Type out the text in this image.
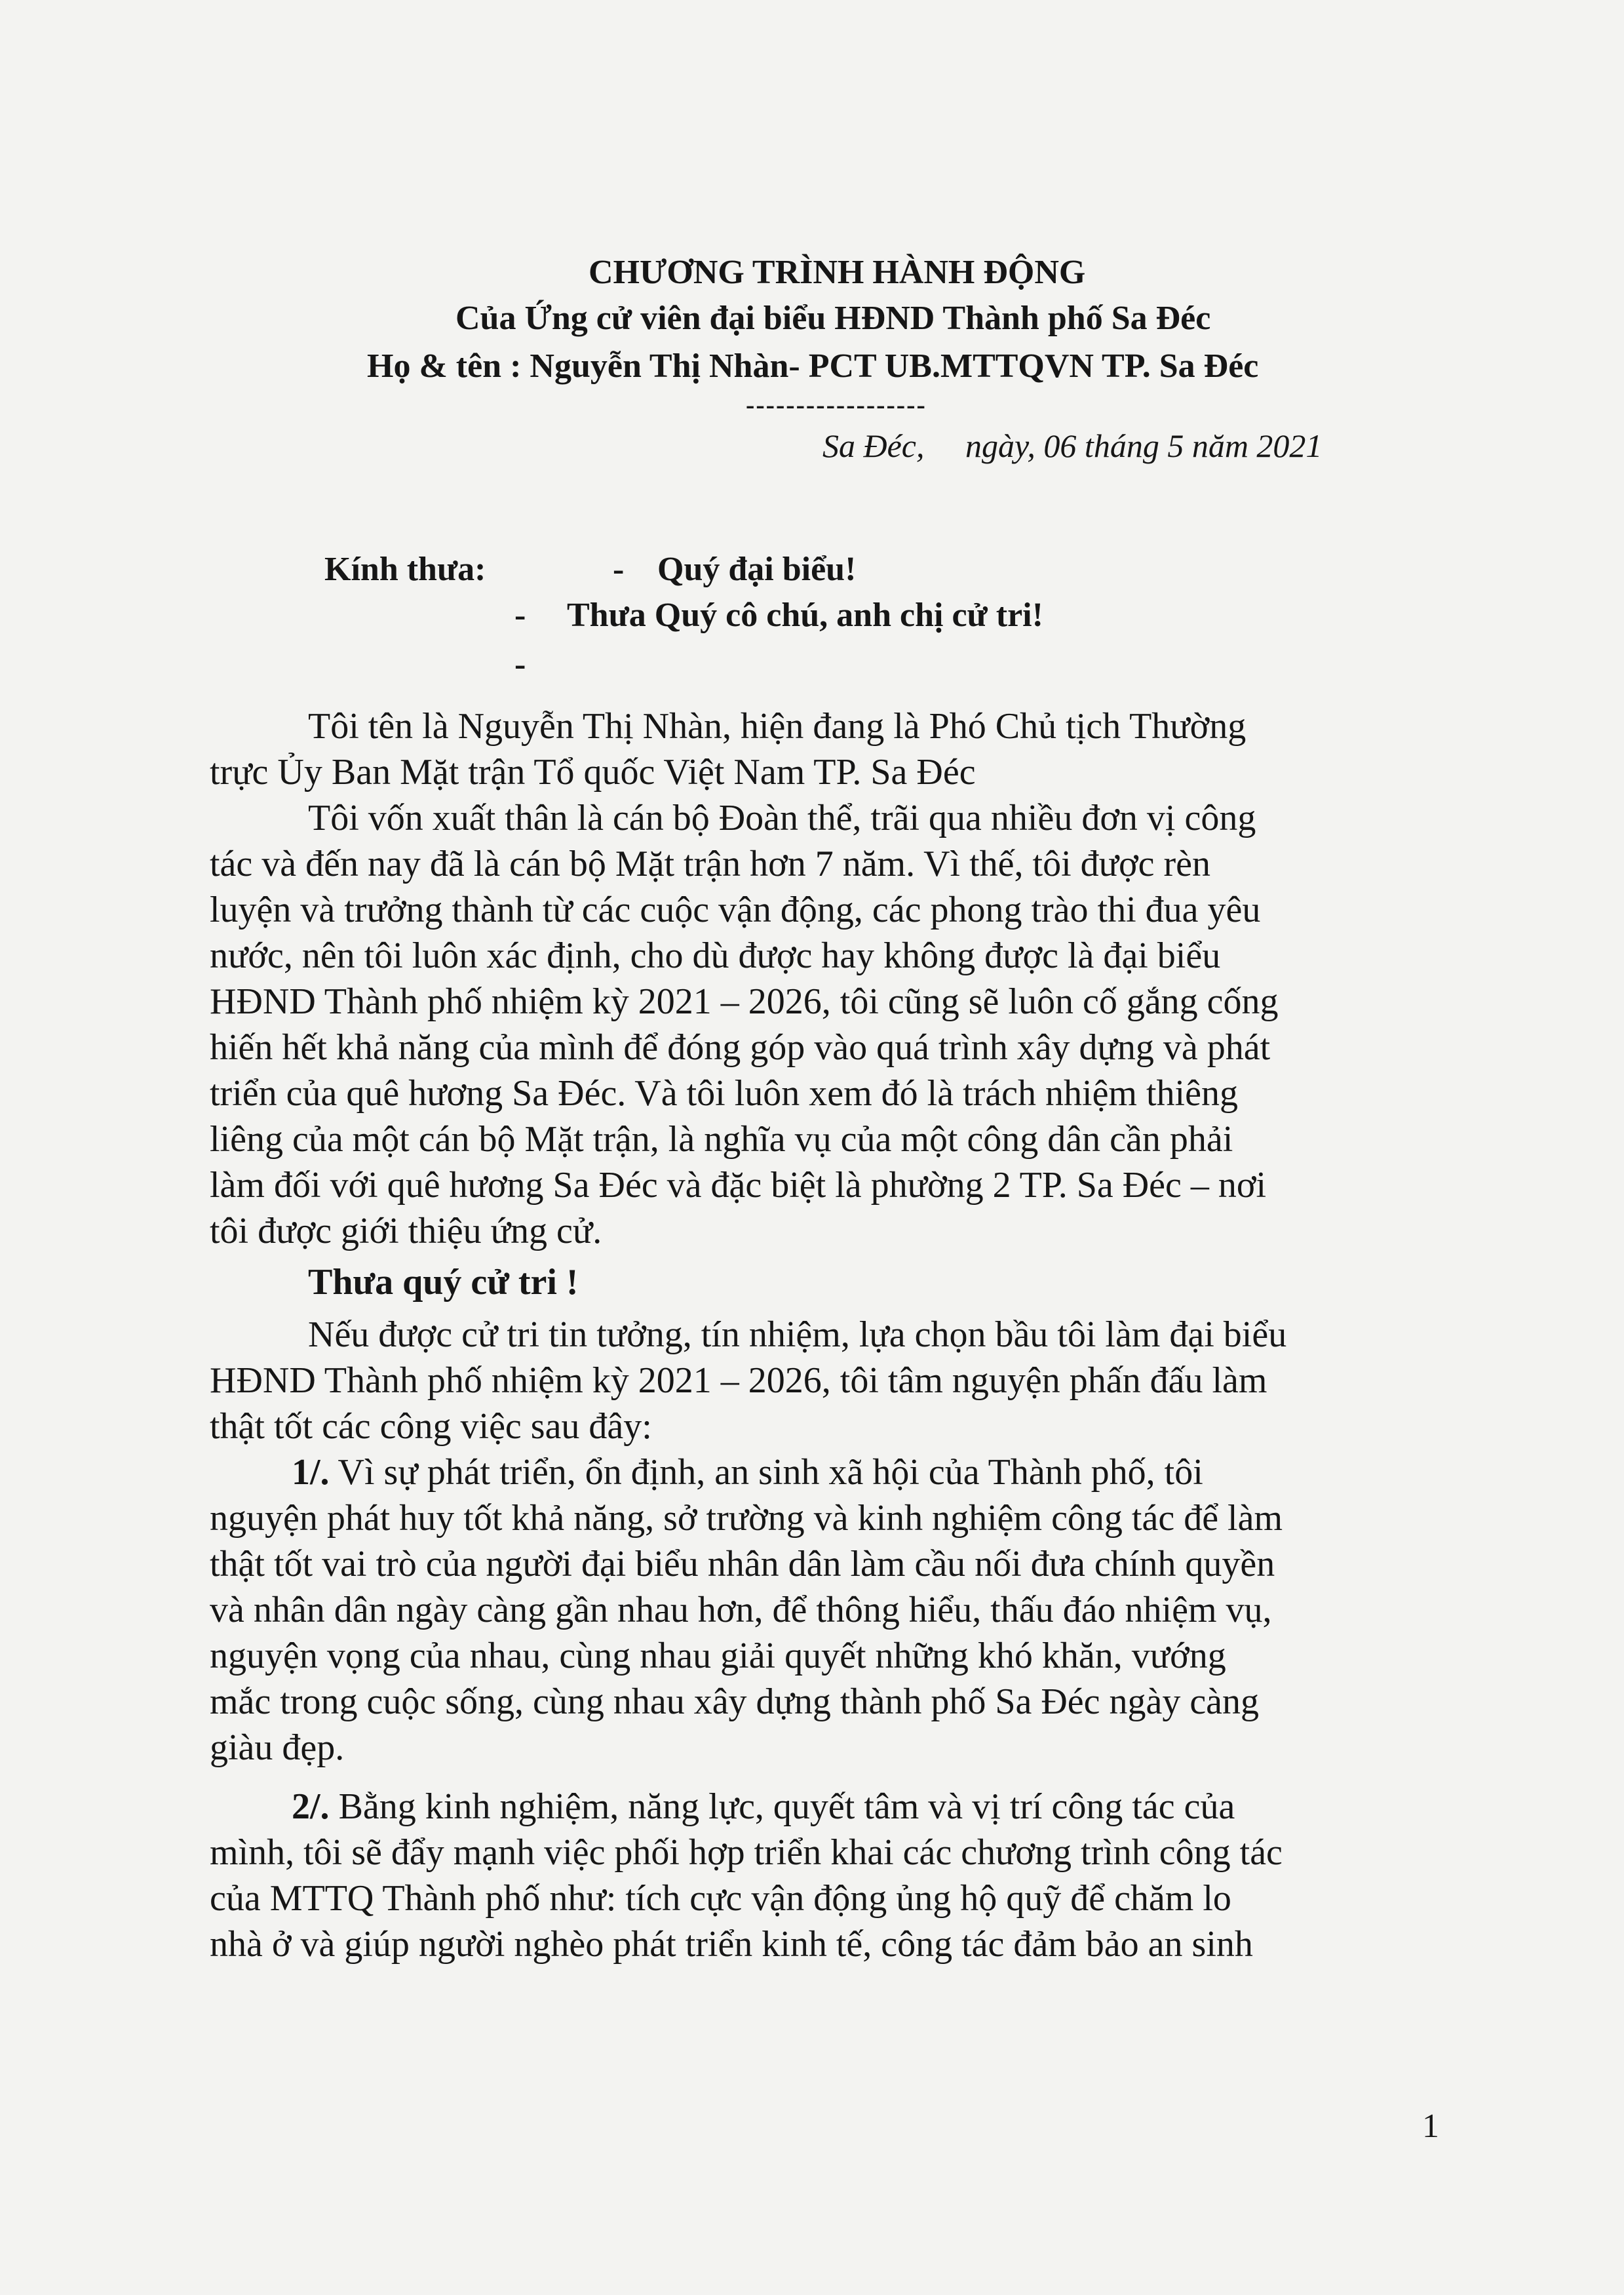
CHƯƠNG TRÌNH HÀNH ĐỘNG
Của Ứng cử viên đại biểu HĐND Thành phố Sa Đéc
Họ & tên : Nguyễn Thị Nhàn- PCT UB.MTTQVN TP. Sa Đéc
------------------
Sa Đéc,     ngày, 06 tháng 5 năm 2021
Kính thưa:	- Quý đại biểu!
- Thưa Quý cô chú, anh chị cử tri!
-
Tôi tên là Nguyễn Thị Nhàn, hiện đang là Phó Chủ tịch Thường
trực Ủy Ban Mặt trận Tổ quốc Việt Nam TP. Sa Đéc
Tôi vốn xuất thân là cán bộ Đoàn thể, trãi qua nhiều đơn vị công
tác và đến nay đã là cán bộ Mặt trận hơn 7 năm. Vì thế, tôi được rèn
luyện và trưởng thành từ các cuộc vận động, các phong trào thi đua yêu
nước, nên tôi luôn xác định, cho dù được hay không được là đại biểu
HĐND Thành phố nhiệm kỳ 2021 – 2026, tôi cũng sẽ luôn cố gắng cống
hiến hết khả năng của mình để đóng góp vào quá trình xây dựng và phát
triển của quê hương Sa Đéc. Và tôi luôn xem đó là trách nhiệm thiêng
liêng của một cán bộ Mặt trận, là nghĩa vụ của một công dân cần phải
làm đối với quê hương Sa Đéc và đặc biệt là phường 2 TP. Sa Đéc – nơi
tôi được giới thiệu ứng cử.
Thưa quý cử tri !
Nếu được cử tri tin tưởng, tín nhiệm, lựa chọn bầu tôi làm đại biểu
HĐND Thành phố nhiệm kỳ 2021 – 2026, tôi tâm nguyện phấn đấu làm
thật tốt các công việc sau đây:
1/. Vì sự phát triển, ổn định, an sinh xã hội của Thành phố, tôi
nguyện phát huy tốt khả năng, sở trường và kinh nghiệm công tác để làm
thật tốt vai trò của người đại biểu nhân dân làm cầu nối đưa chính quyền
và nhân dân ngày càng gần nhau hơn, để thông hiểu, thấu đáo nhiệm vụ,
nguyện vọng của nhau, cùng nhau giải quyết những khó khăn, vướng
mắc trong cuộc sống, cùng nhau xây dựng thành phố Sa Đéc ngày càng
giàu đẹp.
2/. Bằng kinh nghiệm, năng lực, quyết tâm và vị trí công tác của
mình, tôi sẽ đẩy mạnh việc phối hợp triển khai các chương trình công tác
của MTTQ Thành phố như: tích cực vận động ủng hộ quỹ để chăm lo
nhà ở và giúp người nghèo phát triển kinh tế, công tác đảm bảo an sinh
1
